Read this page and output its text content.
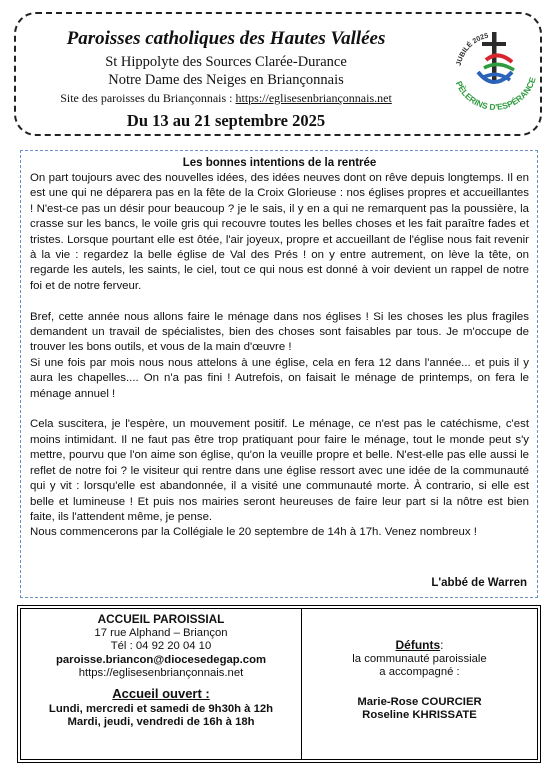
Paroisses catholiques des Hautes Vallées
St Hippolyte des Sources Clarée-Durance
Notre Dame des Neiges en Briançonnais
Site des paroisses du Briançonnais : https://eglisesenbriançonnais.net
Du 13 au 21 septembre 2025
JUBILÉ 2025
PÈLERINS D'ESPÉRANCE
Les bonnes intentions de la rentrée

On part toujours avec des nouvelles idées, des idées neuves dont on rêve depuis longtemps. Il en est une qui ne déparera pas en la fête de la Croix Glorieuse : nos églises propres et accueillantes ! N'est-ce pas un désir pour beaucoup ? je le sais, il y en a qui ne remarquent pas la poussière, la crasse sur les bancs, le voile gris qui recouvre toutes les belles choses et les fait paraître fades et tristes. Lorsque pourtant elle est ôtée, l'air joyeux, propre et accueillant de l'église nous fait revenir à la vie : regardez la belle église de Val des Prés ! on y entre autrement, on lève la tête, on regarde les autels, les saints, le ciel, tout ce qui nous est donné à voir devient un rappel de notre foi et de notre ferveur.

Bref, cette année nous allons faire le ménage dans nos églises ! Si les choses les plus fragiles demandent un travail de spécialistes, bien des choses sont faisables par tous. Je m'occupe de trouver les bons outils, et vous de la main d'œuvre !

Si une fois par mois nous nous attelons à une église, cela en fera 12 dans l'année... et puis il y aura les chapelles.... On n'a pas fini ! Autrefois, on faisait le ménage de printemps, on fera le ménage annuel !

Cela suscitera, je l'espère, un mouvement positif. Le ménage, ce n'est pas le catéchisme, c'est moins intimidant. Il ne faut pas être trop pratiquant pour faire le ménage, tout le monde peut s'y mettre, pourvu que l'on aime son église, qu'on la veuille propre et belle. N'est-elle pas elle aussi le reflet de notre foi ? le visiteur qui rentre dans une église ressort avec une idée de la communauté qui y vit : lorsqu'elle est abandonnée, il a visité une communauté morte. À contrario, si elle est belle et lumineuse ! Et puis nos mairies seront heureuses de faire leur part si la nôtre est bien faite, ils l'attendent même, je pense.

Nous commencerons par la Collégiale le 20 septembre de 14h à 17h. Venez nombreux !

L'abbé de Warren
ACCUEIL PAROISSIAL
17 rue Alphand – Briançon
Tél : 04 92 20 04 10
paroisse.briancon@diocesedegap.com
https://eglisesenbriançonnais.net
Accueil ouvert :
Lundi, mercredi et samedi de 9h30h à 12h
Mardi, jeudi, vendredi de 16h à 18h
Défunts:
la communauté paroissiale
a accompagné :
Marie-Rose COURCIER
Roseline KHRISSATE
